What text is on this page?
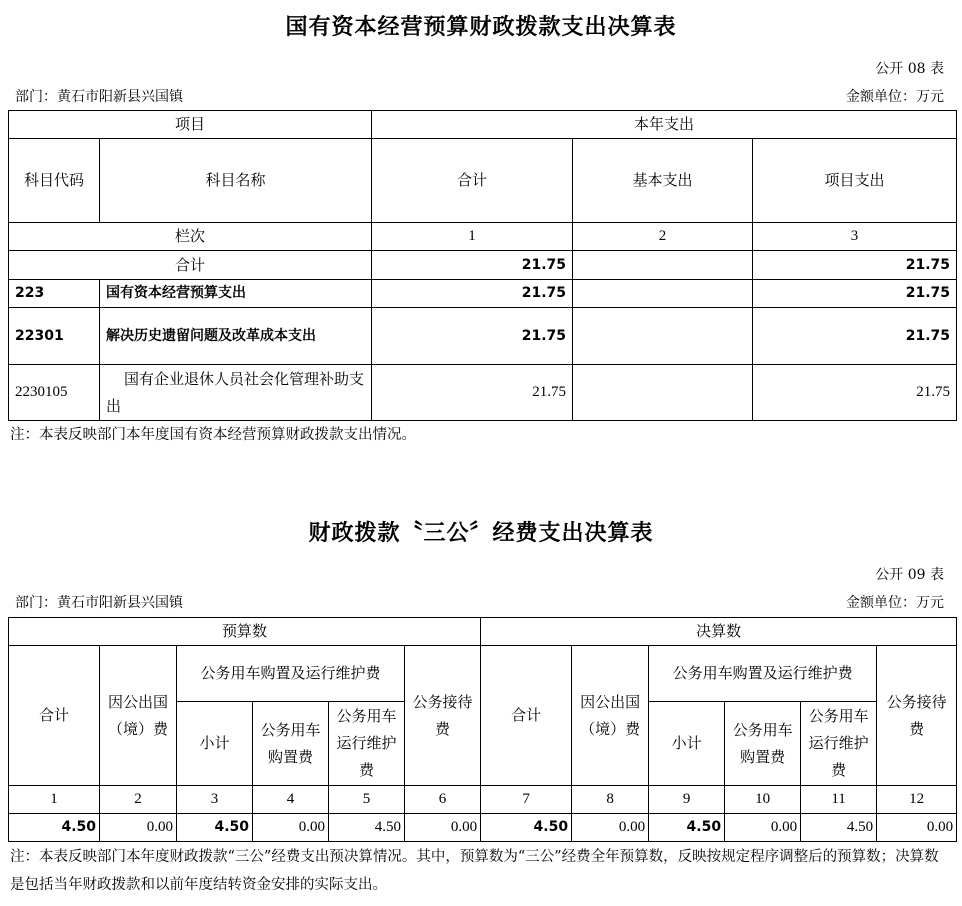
国有资本经营预算财政拨款支出决算表
公开 08 表
部门：黄石市阳新县兴国镇	金额单位：万元
项目		本年支出		
科目代码	科目名称	合计	基本支出	项目支出
栏次		1	2	3
合计		21.75		21.75
223	国有资本经营预算支出	21.75		21.75
22301	解决历史遗留问题及改革成本支出	21.75		21.75
2230105	国有企业退休人员社会化管理补助支出	21.75		21.75
注：本表反映部门本年度国有资本经营预算财政拨款支出情况。
财政拨款〝三公〞经费支出决算表
公开 09 表
部门：黄石市阳新县兴国镇	金额单位：万元
预算数						决算数					
合计	因公出国（境）费	公务用车购置及运行维护费			公务接待费	合计	因公出国（境）费	公务用车购置及运行维护费			公务接待费
		小计	公务用车购置费	公务用车运行维护费				小计	公务用车购置费	公务用车运行维护费	
1	2	3	4	5	6	7	8	9	10	11	12
4.50	0.00	4.50	0.00	4.50	0.00	4.50	0.00	4.50	0.00	4.50	0.00
注：本表反映部门本年度财政拨款“三公”经费支出预决算情况。其中，预算数为“三公”经费全年预算数，反映按规定程序调整后的预算数；决算数是包括当年财政拨款和以前年度结转资金安排的实际支出。
